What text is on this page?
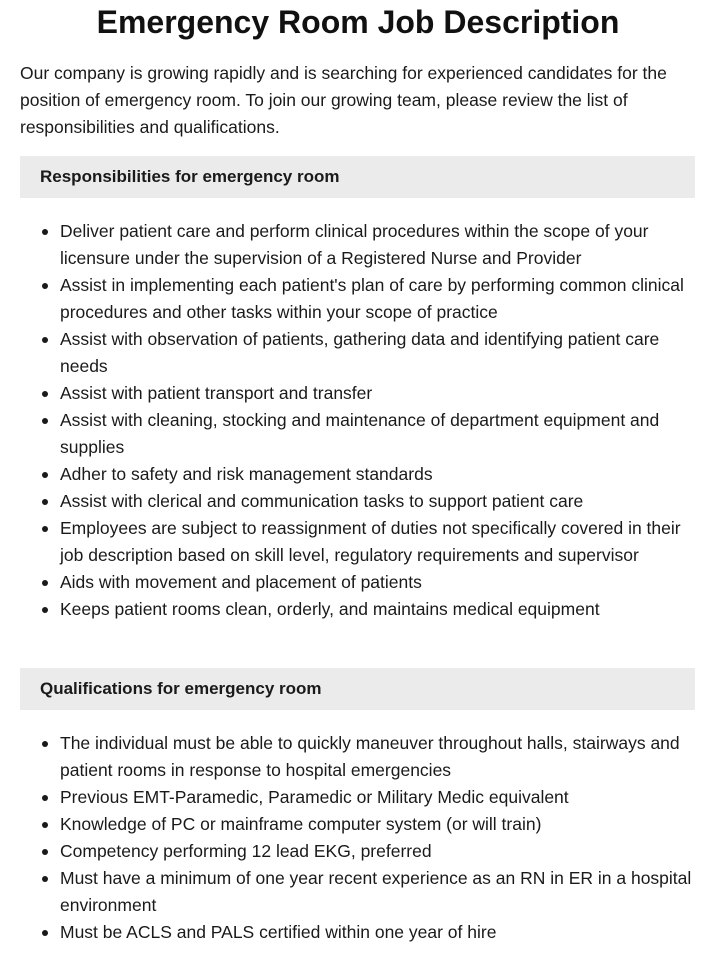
Emergency Room Job Description

Our company is growing rapidly and is searching for experienced candidates for the position of emergency room. To join our growing team, please review the list of responsibilities and qualifications.

Responsibilities for emergency room
Deliver patient care and perform clinical procedures within the scope of your licensure under the supervision of a Registered Nurse and Provider
Assist in implementing each patient's plan of care by performing common clinical procedures and other tasks within your scope of practice
Assist with observation of patients, gathering data and identifying patient care needs
Assist with patient transport and transfer
Assist with cleaning, stocking and maintenance of department equipment and supplies
Adher to safety and risk management standards
Assist with clerical and communication tasks to support patient care
Employees are subject to reassignment of duties not specifically covered in their job description based on skill level, regulatory requirements and supervisor
Aids with movement and placement of patients
Keeps patient rooms clean, orderly, and maintains medical equipment
Qualifications for emergency room
The individual must be able to quickly maneuver throughout halls, stairways and patient rooms in response to hospital emergencies
Previous EMT-Paramedic, Paramedic or Military Medic equivalent
Knowledge of PC or mainframe computer system (or will train)
Competency performing 12 lead EKG, preferred
Must have a minimum of one year recent experience as an RN in ER in a hospital environment
Must be ACLS and PALS certified within one year of hire
